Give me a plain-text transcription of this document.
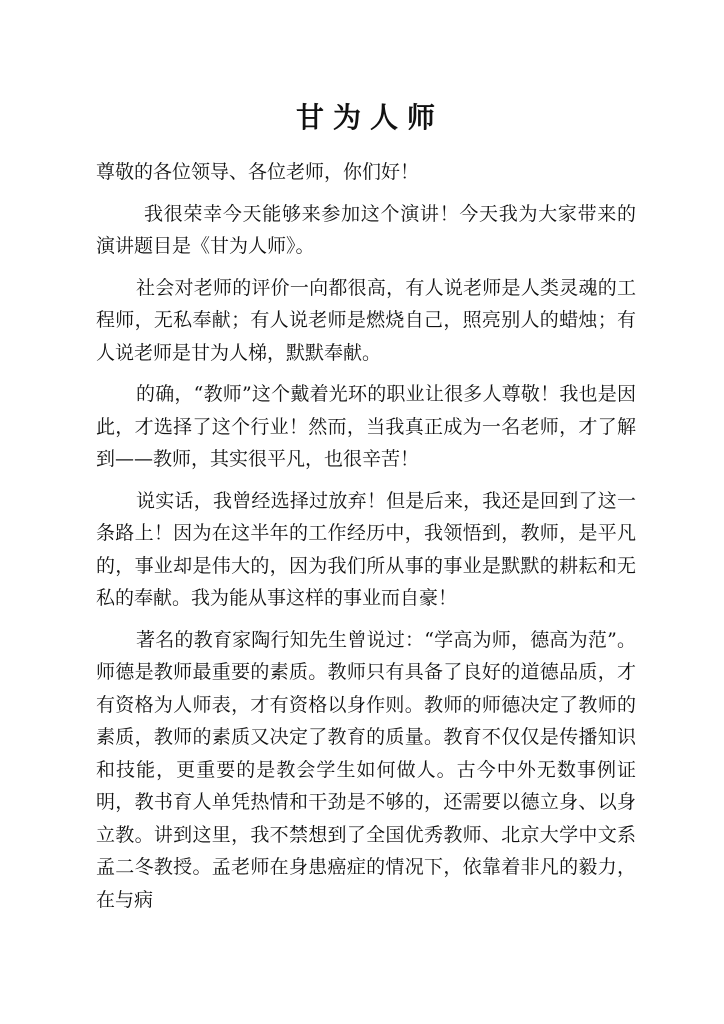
甘为人师

尊敬的各位领导、各位老师，你们好！

我很荣幸今天能够来参加这个演讲！今天我为大家带来的演讲题目是《甘为人师》。

社会对老师的评价一向都很高，有人说老师是人类灵魂的工程师，无私奉献；有人说老师是燃烧自己，照亮别人的蜡烛；有人说老师是甘为人梯，默默奉献。

的确，“教师”这个戴着光环的职业让很多人尊敬！我也是因此，才选择了这个行业！然而，当我真正成为一名老师，才了解到——教师，其实很平凡，也很辛苦！

说实话，我曾经选择过放弃！但是后来，我还是回到了这一条路上！因为在这半年的工作经历中，我领悟到，教师，是平凡的，事业却是伟大的，因为我们所从事的事业是默默的耕耘和无私的奉献。我为能从事这样的事业而自豪！

著名的教育家陶行知先生曾说过：“学高为师，德高为范”。师德是教师最重要的素质。教师只有具备了良好的道德品质，才有资格为人师表，才有资格以身作则。教师的师德决定了教师的素质，教师的素质又决定了教育的质量。教育不仅仅是传播知识和技能，更重要的是教会学生如何做人。古今中外无数事例证明，教书育人单凭热情和干劲是不够的，还需要以德立身、以身立教。讲到这里，我不禁想到了全国优秀教师、北京大学中文系孟二冬教授。孟老师在身患癌症的情况下，依靠着非凡的毅力，在与病
